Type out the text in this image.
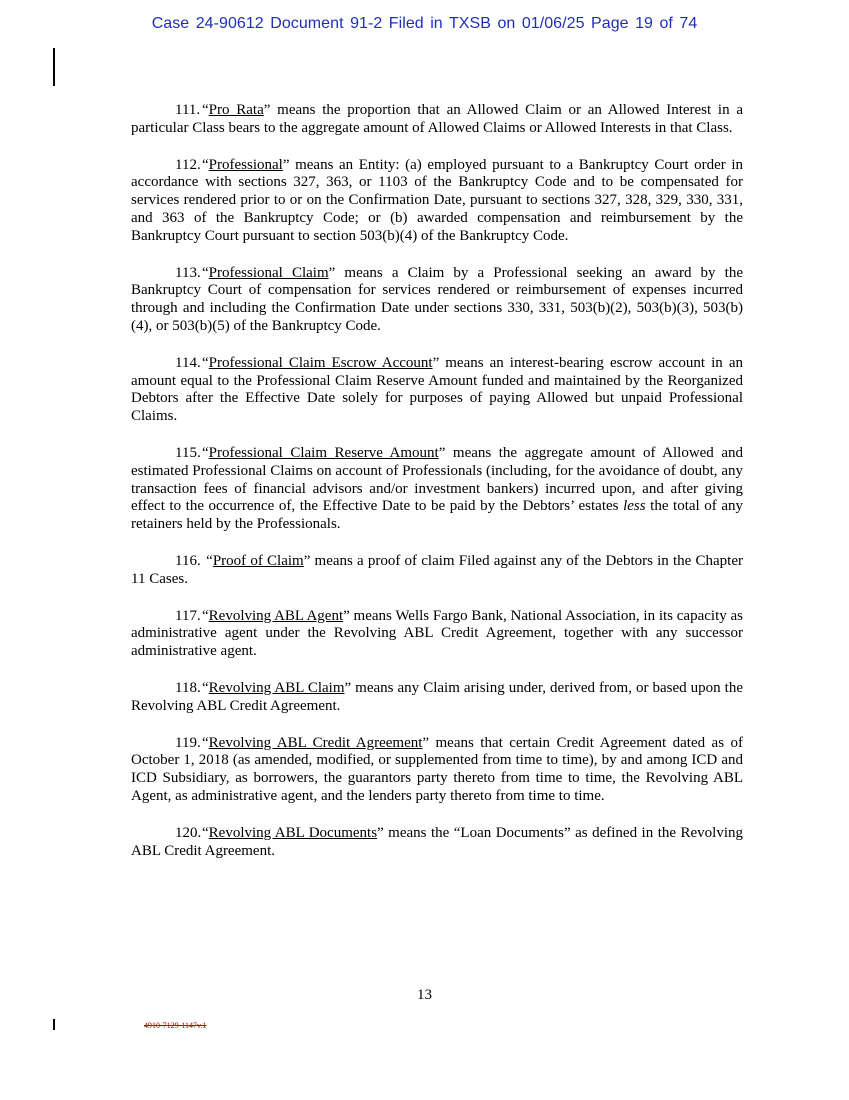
Case 24-90612 Document 91-2 Filed in TXSB on 01/06/25 Page 19 of 74

111. “Pro Rata” means the proportion that an Allowed Claim or an Allowed Interest in a particular Class bears to the aggregate amount of Allowed Claims or Allowed Interests in that Class.

112.“Professional” means an Entity: (a) employed pursuant to a Bankruptcy Court order in accordance with sections 327, 363, or 1103 of the Bankruptcy Code and to be compensated for services rendered prior to or on the Confirmation Date, pursuant to sections 327, 328, 329, 330, 331, and 363 of the Bankruptcy Code; or (b) awarded compensation and reimbursement by the Bankruptcy Court pursuant to section 503(b)(4) of the Bankruptcy Code.

113.“Professional Claim” means a Claim by a Professional seeking an award by the Bankruptcy Court of compensation for services rendered or reimbursement of expenses incurred through and including the Confirmation Date under sections 330, 331, 503(b)(2), 503(b)(3), 503(b)(4), or 503(b)(5) of the Bankruptcy Code.

114.“Professional Claim Escrow Account” means an interest-bearing escrow account in an amount equal to the Professional Claim Reserve Amount funded and maintained by the Reorganized Debtors after the Effective Date solely for purposes of paying Allowed but unpaid Professional Claims.

115.“Professional Claim Reserve Amount” means the aggregate amount of Allowed and estimated Professional Claims on account of Professionals (including, for the avoidance of doubt, any transaction fees of financial advisors and/or investment bankers) incurred upon, and after giving effect to the occurrence of, the Effective Date to be paid by the Debtors’ estates less the total of any retainers held by the Professionals.

116. “Proof of Claim” means a proof of claim Filed against any of the Debtors in the Chapter 11 Cases.

117.“Revolving ABL Agent” means Wells Fargo Bank, National Association, in its capacity as administrative agent under the Revolving ABL Credit Agreement, together with any successor administrative agent.

118.“Revolving ABL Claim” means any Claim arising under, derived from, or based upon the Revolving ABL Credit Agreement.

119.“Revolving ABL Credit Agreement” means that certain Credit Agreement dated as of October 1, 2018 (as amended, modified, or supplemented from time to time), by and among ICD and ICD Subsidiary, as borrowers, the guarantors party thereto from time to time, the Revolving ABL Agent, as administrative agent, and the lenders party thereto from time to time.

120.“Revolving ABL Documents” means the “Loan Documents” as defined in the Revolving ABL Credit Agreement.

13
4910-7129-1147v.1
